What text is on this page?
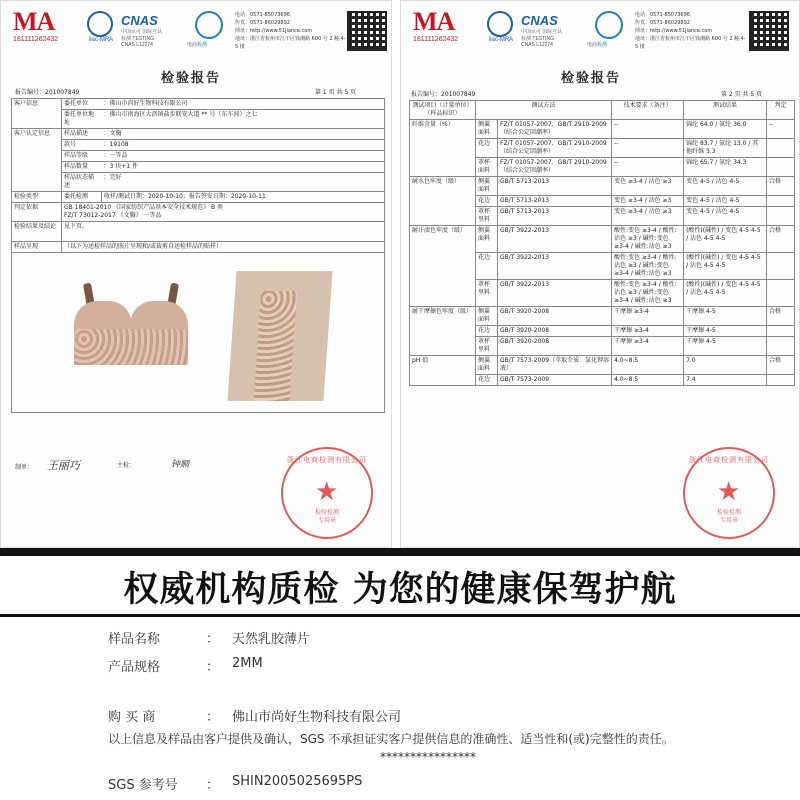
MA
181111262432	ilac-MRA
CNAS
中国认可 国际互认 检测 TESTING CNAS L12274	电商检测
电话：0571-85073696
传真：0571-86029892
网址：http://www.51jiance.com
地址：浙江省杭州市江干区钱潮路 600 号 2 幢 4-5 楼
检验报告
报告编号：201007849	第 1 页 共 5 页
客户信息	委托单位	：佛山市尚好生物科技有限公司
	委托单位地址	：佛山市南海区大沥镇盐步联安大道 ** 号（东车间）之七
客户认定信息	样品描述	：文胸
	款号	：19108
	样品等级	：一等品
	样品数量	：3 块+1 件
	样品状态描述	：完好
检验类型	委托检测	收样/测试日期：2020-10-10；报告签发日期：2020-10-11
判定依据	GB 18401-2010 《国家纺织产品基本安全技术规范》 B 类
FZ/T 73012-2017 《文胸》 一等品	

检验结果及结论	见下页。	
样品呈现	（以下为送检样品的照片呈现和/或裁剪自送检样品的贴样）	

制单： 王丽巧	主检：	钟顺	浙江电商检测有限公司
★
检验检测
专用章
MA
181111262432	ilac-MRA
CNAS
中国认可 国际互认 检测 TESTING CNAS L12274	电商检测
电话：0571-85073696
传真：0571-86029892
网址：http://www.51jiance.com
地址：浙江省杭州市江干区钱潮路 600 号 2 幢 4-5 楼
检验报告
报告编号：201007849	第 2 页 共 5 页
测试项目（计量单位）（样品标识）	测试方法		技术要求（备注）	测试结果	判定
纤维含量（%）	侧翼面料	FZ/T 01057-2007、GB/T 2910-2009（结合公定回潮率）	--	锦纶 64.0 / 氨纶 36.0	--
	花边	FZ/T 01057-2007、GB/T 2910-2009（结合公定回潮率）	--	锦纶 83.7 / 氨纶 13.0 / 其他纤维 3.3	
	罩杯面料	FZ/T 01057-2007、GB/T 2910-2009（结合公定回潮率）	--	锦纶 65.7 / 氨纶 34.3	
耐水色牢度（级）	侧翼面料	GB/T 5713-2013	变色 ≥3-4 / 沾色 ≥3	变色 4-5 / 沾色 4-5	合格
	花边	GB/T 5713-2013	变色 ≥3-4 / 沾色 ≥3	变色 4-5 / 沾色 4-5	
	罩杯里料	GB/T 5713-2013	变色 ≥3-4 / 沾色 ≥3	变色 4-5 / 沾色 4-5	
耐汗渍色牢度（级）	侧翼面料	GB/T 3922-2013	酸性:变色 ≥3-4 / 酸性:沾色 ≥3 / 碱性:变色 ≥3-4 / 碱性:沾色 ≥3	(酸性)(碱性) / 变色 4-5 4-5 / 沾色 4-5 4-5	合格
	花边	GB/T 3922-2013	酸性:变色 ≥3-4 / 酸性:沾色 ≥3 / 碱性:变色 ≥3-4 / 碱性:沾色 ≥3	(酸性)(碱性) / 变色 4-5 4-5 / 沾色 4-5 4-5	
	罩杯里料	GB/T 3922-2013	酸性:变色 ≥3-4 / 酸性:沾色 ≥3 / 碱性:变色 ≥3-4 / 碱性:沾色 ≥3	(酸性)(碱性) / 变色 4-5 4-5 / 沾色 4-5 4-5	
耐干摩擦色牢度（级）	侧翼面料	GB/T 3920-2008	干摩擦 ≥3-4	干摩擦 4-5	合格
	花边	GB/T 3920-2008	干摩擦 ≥3-4	干摩擦 4-5	
	罩杯里料	GB/T 3920-2008	干摩擦 ≥3-4	干摩擦 4-5	
pH 值	侧翼面料	GB/T 7573-2009（萃取介质：氯化钾溶液）	4.0~8.5	7.0	合格
	花边	GB/T 7573-2009	4.0~8.5	7.4	
浙江电商检测有限公司
★
检验检测
专用章
权威机构质检 为您的健康保驾护航
样品名称	： 天然乳胶薄片
产品规格	： 2MM
购 买 商	： 佛山市尚好生物科技有限公司
以上信息及样品由客户提供及确认，SGS 不承担证实客户提供信息的准确性、适当性和(或)完整性的责任。
****************
SGS 参考号 ： SHIN2005025695PS
